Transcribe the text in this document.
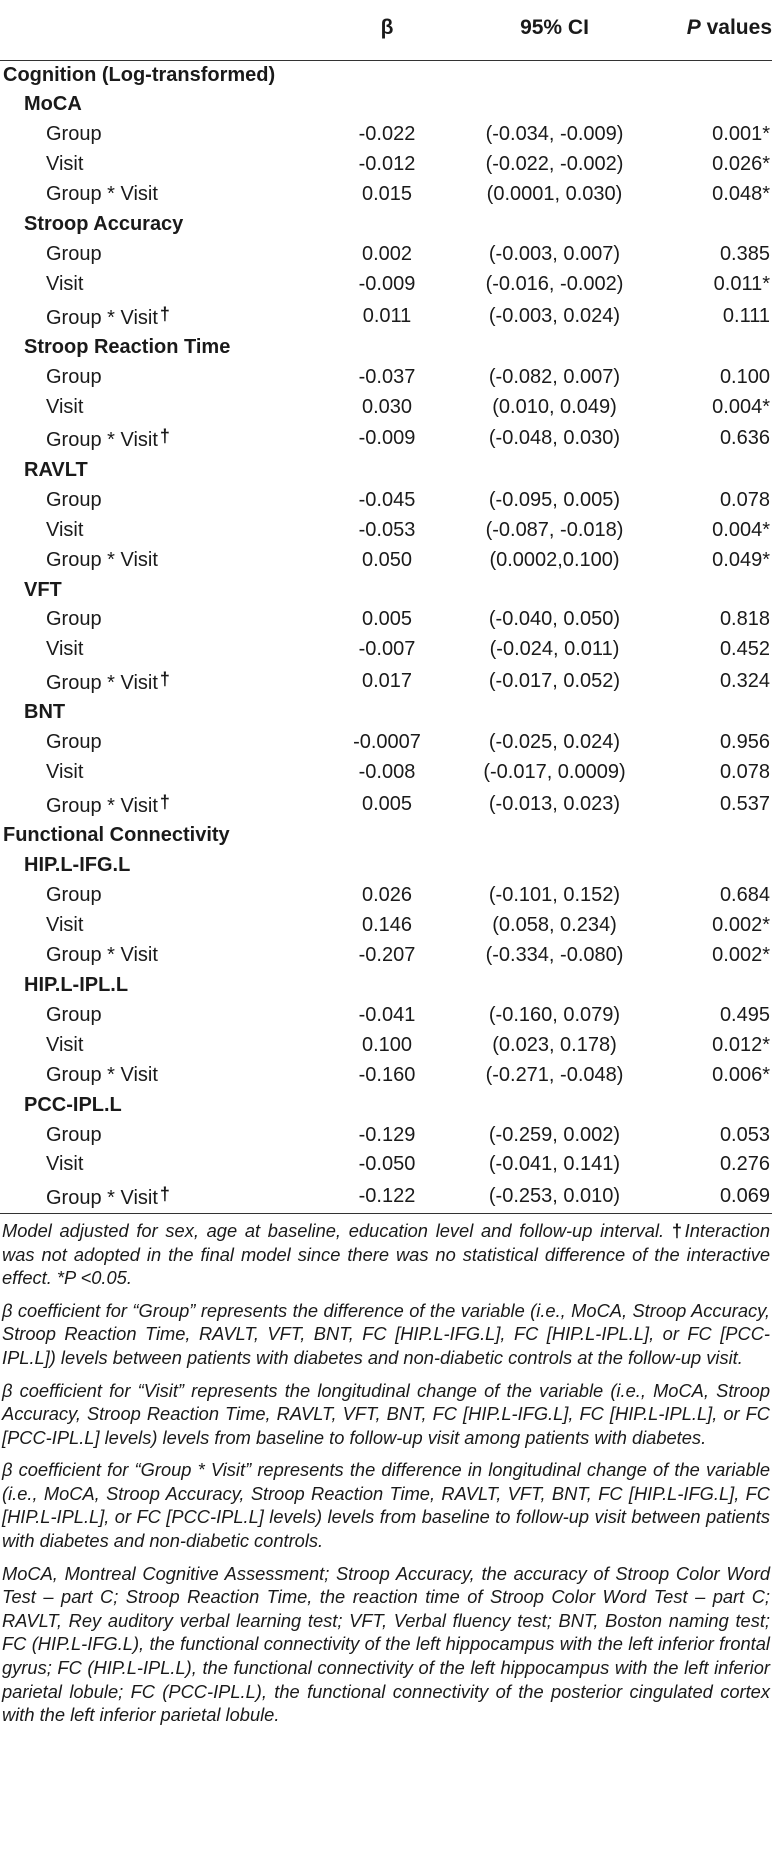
	β	95% CI	P values
Cognition (Log-transformed)			
MoCA			
Group	-0.022	(-0.034, -0.009)	0.001*
Visit	-0.012	(-0.022, -0.002)	0.026*
Group * Visit	0.015	(0.0001, 0.030)	0.048*
Stroop Accuracy			
Group	0.002	(-0.003, 0.007)	0.385
Visit	-0.009	(-0.016, -0.002)	0.011*
Group * Visit †	0.011	(-0.003, 0.024)	0.111
Stroop Reaction Time			
Group	-0.037	(-0.082, 0.007)	0.100
Visit	0.030	(0.010, 0.049)	0.004*
Group * Visit †	-0.009	(-0.048, 0.030)	0.636
RAVLT			
Group	-0.045	(-0.095, 0.005)	0.078
Visit	-0.053	(-0.087, -0.018)	0.004*
Group * Visit	0.050	(0.0002,0.100)	0.049*
VFT			
Group	0.005	(-0.040, 0.050)	0.818
Visit	-0.007	(-0.024, 0.011)	0.452
Group * Visit †	0.017	(-0.017, 0.052)	0.324
BNT			
Group	-0.0007	(-0.025, 0.024)	0.956
Visit	-0.008	(-0.017, 0.0009)	0.078
Group * Visit †	0.005	(-0.013, 0.023)	0.537
Functional Connectivity			
HIP.L-IFG.L			
Group	0.026	(-0.101, 0.152)	0.684
Visit	0.146	(0.058, 0.234)	0.002*
Group * Visit	-0.207	(-0.334, -0.080)	0.002*
HIP.L-IPL.L			
Group	-0.041	(-0.160, 0.079)	0.495
Visit	0.100	(0.023, 0.178)	0.012*
Group * Visit	-0.160	(-0.271, -0.048)	0.006*
PCC-IPL.L			
Group	-0.129	(-0.259, 0.002)	0.053
Visit	-0.050	(-0.041, 0.141)	0.276
Group * Visit †	-0.122	(-0.253, 0.010)	0.069

Model adjusted for sex, age at baseline, education level and follow-up interval. †Interaction was not adopted in the final model since there was no statistical difference of the interactive effect. *P <0.05.

β coefficient for “Group” represents the difference of the variable (i.e., MoCA, Stroop Accuracy, Stroop Reaction Time, RAVLT, VFT, BNT, FC [HIP.L-IFG.L], FC [HIP.L-IPL.L], or FC [PCC-IPL.L]) levels between patients with diabetes and non-diabetic controls at the follow-up visit.

β coefficient for “Visit” represents the longitudinal change of the variable (i.e., MoCA, Stroop Accuracy, Stroop Reaction Time, RAVLT, VFT, BNT, FC [HIP.L-IFG.L], FC [HIP.L-IPL.L], or FC [PCC-IPL.L] levels) levels from baseline to follow-up visit among patients with diabetes.

β coefficient for “Group * Visit” represents the difference in longitudinal change of the variable (i.e., MoCA, Stroop Accuracy, Stroop Reaction Time, RAVLT, VFT, BNT, FC [HIP.L-IFG.L], FC [HIP.L-IPL.L], or FC [PCC-IPL.L] levels) levels from baseline to follow-up visit between patients with diabetes and non-diabetic controls.

MoCA, Montreal Cognitive Assessment; Stroop Accuracy, the accuracy of Stroop Color Word Test – part C; Stroop Reaction Time, the reaction time of Stroop Color Word Test – part C; RAVLT, Rey auditory verbal learning test; VFT, Verbal fluency test; BNT, Boston naming test; FC (HIP.L-IFG.L), the functional connectivity of the left hippocampus with the left inferior frontal gyrus; FC (HIP.L-IPL.L), the functional connectivity of the left hippocampus with the left inferior parietal lobule; FC (PCC-IPL.L), the functional connectivity of the posterior cingulated cortex with the left inferior parietal lobule.
